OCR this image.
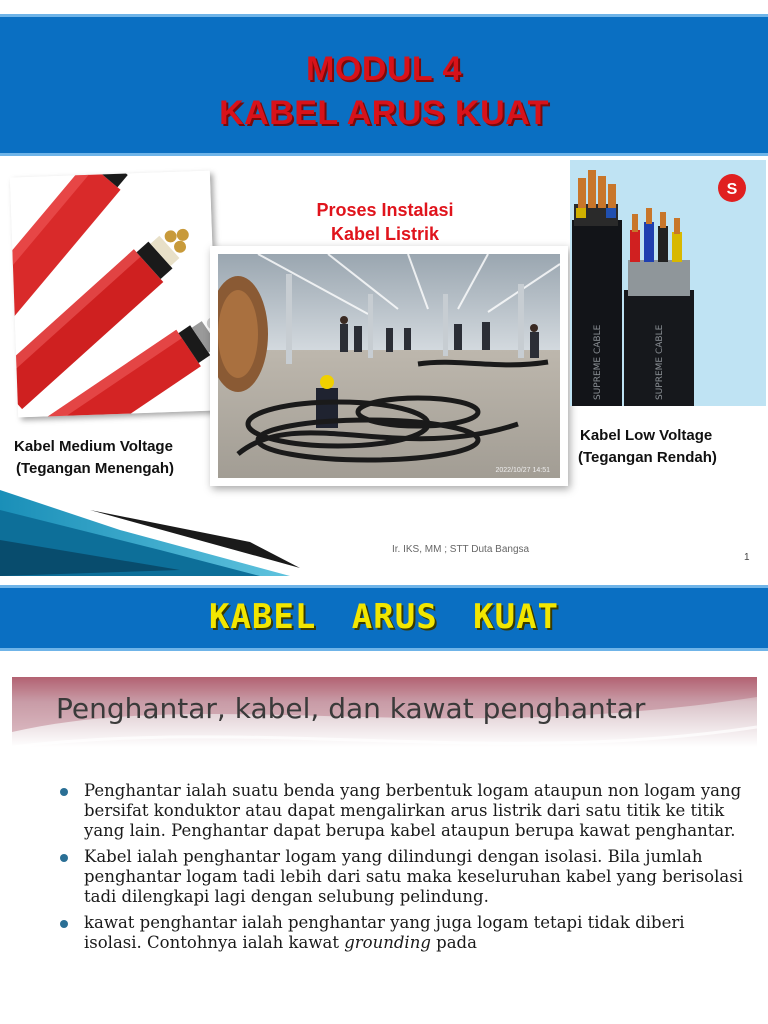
MODUL 4
KABEL ARUS KUAT
Kabel Medium Voltage
(Tegangan Menengah)
Proses Instalasi
Kabel Listrik
2022/10/27 14:51
SUPREME CABLE	SUPREME CABLE
S
Kabel Low Voltage
(Tegangan Rendah)
Ir. IKS, MM ; STT Duta Bangsa
1
KABEL ARUS KUAT
Penghantar, kabel, dan kawat penghantar
Penghantar ialah suatu benda yang berbentuk logam ataupun non logam yang bersifat konduktor atau dapat mengalirkan arus listrik dari satu titik ke titik yang lain. Penghantar dapat berupa kabel ataupun berupa kawat penghantar.
Kabel ialah penghantar logam yang dilindungi dengan isolasi. Bila jumlah penghantar logam tadi lebih dari satu maka keseluruhan kabel yang berisolasi tadi dilengkapi lagi dengan selubung pelindung.
kawat penghantar ialah penghantar yang juga logam tetapi tidak diberi isolasi. Contohnya ialah kawat grounding pada
